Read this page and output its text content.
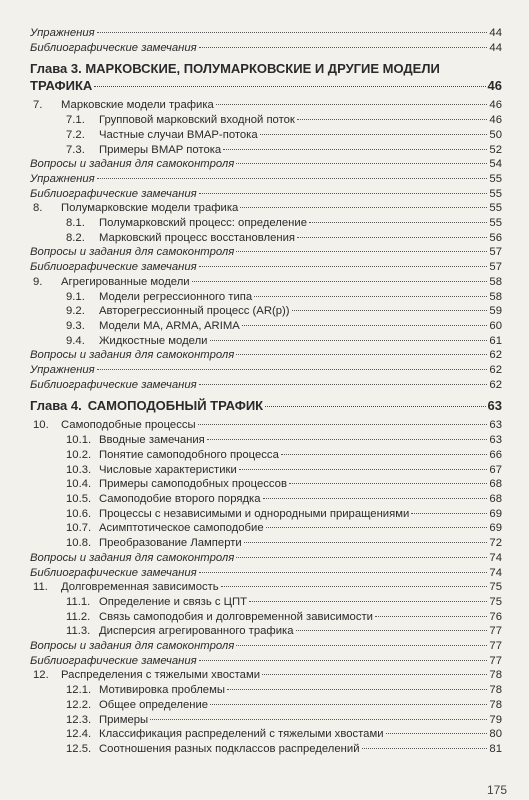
Упражнения	44
Библиографические замечания	44
Глава 3. МАРКОВСКИЕ, ПОЛУМАРКОВСКИЕ И ДРУГИЕ МОДЕЛИ
ТРАФИКА	46
7.	Марковские модели трафика	46
7.1.	Групповой марковский входной поток	46
7.2.	Частные случаи BMAP-потока	50
7.3.	Примеры BMAP потока	52
Вопросы и задания для самоконтроля	54
Упражнения	55
Библиографические замечания	55
8.	Полумарковские модели трафика	55
8.1.	Полумарковский процесс: определение	55
8.2.	Марковский процесс восстановления	56
Вопросы и задания для самоконтроля	57
Библиографические замечания	57
9.	Агрегированные модели	58
9.1.	Модели регрессионного типа	58
9.2.	Авторегрессионный процесс (AR(p))	59
9.3.	Модели MA, ARMA, ARIMA	60
9.4.	Жидкостные модели	61
Вопросы и задания для самоконтроля	62
Упражнения	62
Библиографические замечания	62
Глава 4. САМОПОДОБНЫЙ ТРАФИК	63
10.	Самоподобные процессы	63
10.1. Вводные замечания	63
10.2. Понятие самоподобного процесса	66
10.3. Числовые характеристики	67
10.4. Примеры самоподобных процессов	68
10.5. Самоподобие второго порядка	68
10.6. Процессы с независимыми и однородными приращениями	69
10.7. Асимптотическое самоподобие	69
10.8. Преобразование Ламперти	72
Вопросы и задания для самоконтроля	74
Библиографические замечания	74
11.	Долговременная зависимость	75
11.1. Определение и связь с ЦПТ	75
11.2. Связь самоподобия и долговременной зависимости	76
11.3. Дисперсия агрегированного трафика	77
Вопросы и задания для самоконтроля	77
Библиографические замечания	77
12.	Распределения с тяжелыми хвостами	78
12.1. Мотивировка проблемы	78
12.2. Общее определение	78
12.3. Примеры	79
12.4. Классификация распределений с тяжелыми хвостами	80
12.5. Соотношения разных подклассов распределений	81
175
